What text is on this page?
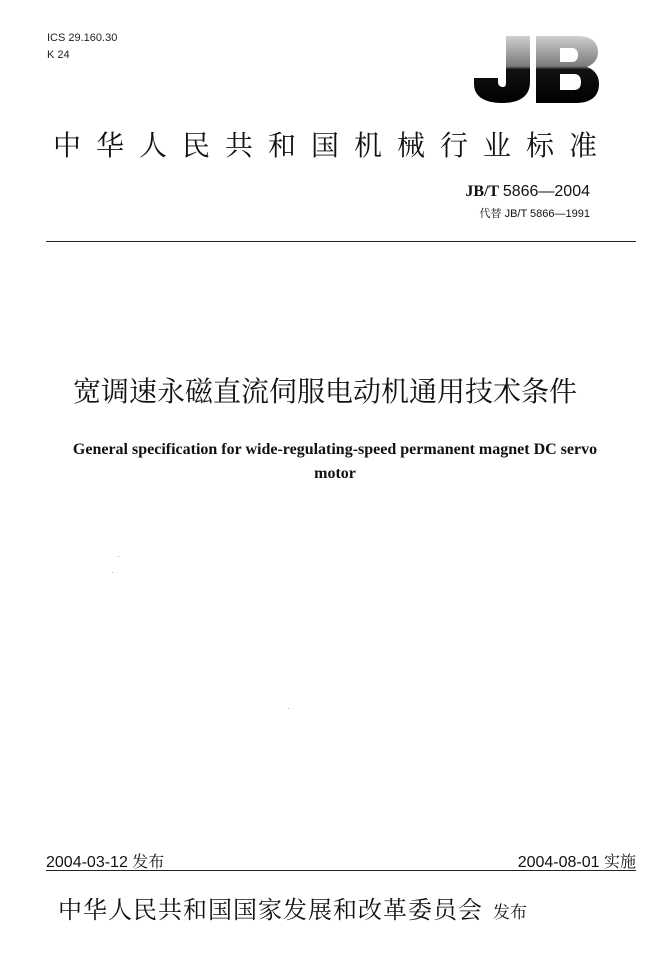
ICS 29.160.30
K 24
中华人民共和国机械行业标准
JB/T 5866—2004
代替 JB/T 5866—1991
宽调速永磁直流伺服电动机通用技术条件
General specification for wide-regulating-speed permanent magnet DC servo motor
2004-03-12 发布	2004-08-01 实施
中华人民共和国国家发展和改革委员会 发布
